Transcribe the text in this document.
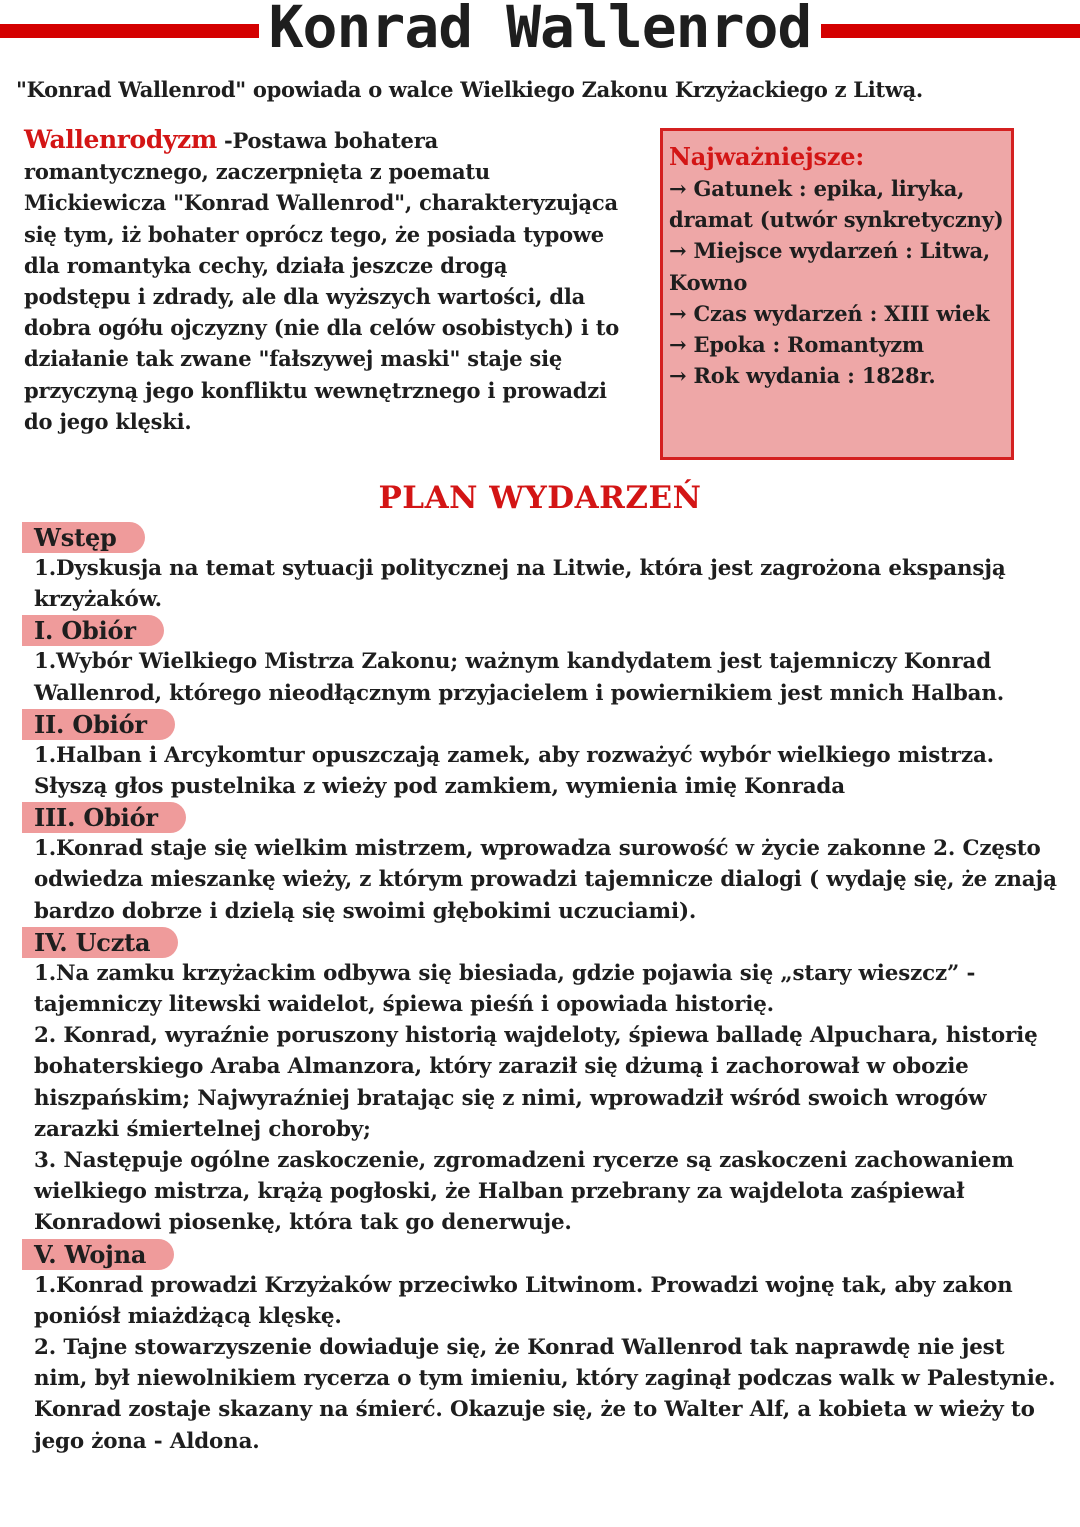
Konrad Wallenrod
"Konrad Wallenrod" opowiada o walce Wielkiego Zakonu Krzyżackiego z Litwą.
Wallenrodyzm -Postawa bohatera romantycznego, zaczerpnięta z poematu Mickiewicza "Konrad Wallenrod", charakteryzująca się tym, iż bohater oprócz tego, że posiada typowe dla romantyka cechy, działa jeszcze drogą podstępu i zdrady, ale dla wyższych wartości, dla dobra ogółu ojczyzny (nie dla celów osobistych) i to działanie tak zwane "fałszywej maski" staje się przyczyną jego konfliktu wewnętrznego i prowadzi do jego klęski.
Najważniejsze:
→ Gatunek : epika, liryka, dramat (utwór synkretyczny)
→ Miejsce wydarzeń : Litwa, Kowno
→ Czas wydarzeń : XIII wiek
→ Epoka : Romantyzm
→ Rok wydania : 1828r.
PLAN WYDARZEŃ
Wstęp
1.Dyskusja na temat sytuacji politycznej na Litwie, która jest zagrożona ekspansją krzyżaków.
I. Obiór
1.Wybór Wielkiego Mistrza Zakonu; ważnym kandydatem jest tajemniczy Konrad Wallenrod, którego nieodłącznym przyjacielem i powiernikiem jest mnich Halban.
II. Obiór
1.Halban i Arcykomtur opuszczają zamek, aby rozważyć wybór wielkiego mistrza. Słyszą głos pustelnika z wieży pod zamkiem, wymienia imię Konrada
III. Obiór
1.Konrad staje się wielkim mistrzem, wprowadza surowość w życie zakonne 2. Często odwiedza mieszankę wieży, z którym prowadzi tajemnicze dialogi ( wydaję się, że znają bardzo dobrze i dzielą się swoimi głębokimi uczuciami).
IV. Uczta
1.Na zamku krzyżackim odbywa się biesiada, gdzie pojawia się „stary wieszcz” - tajemniczy litewski waidelot, śpiewa pieśń i opowiada historię.
2. Konrad, wyraźnie poruszony historią wajdeloty, śpiewa balladę Alpuchara, historię bohaterskiego Araba Almanzora, który zaraził się dżumą i zachorował w obozie hiszpańskim; Najwyraźniej bratając się z nimi, wprowadził wśród swoich wrogów zarazki śmiertelnej choroby;
3. Następuje ogólne zaskoczenie, zgromadzeni rycerze są zaskoczeni zachowaniem wielkiego mistrza, krążą pogłoski, że Halban przebrany za wajdelota zaśpiewał Konradowi piosenkę, która tak go denerwuje.
V. Wojna
1.Konrad prowadzi Krzyżaków przeciwko Litwinom. Prowadzi wojnę tak, aby zakon poniósł miażdżącą klęskę.
2. Tajne stowarzyszenie dowiaduje się, że Konrad Wallenrod tak naprawdę nie jest nim, był niewolnikiem rycerza o tym imieniu, który zaginął podczas walk w Palestynie. Konrad zostaje skazany na śmierć. Okazuje się, że to Walter Alf, a kobieta w wieży to jego żona - Aldona.
